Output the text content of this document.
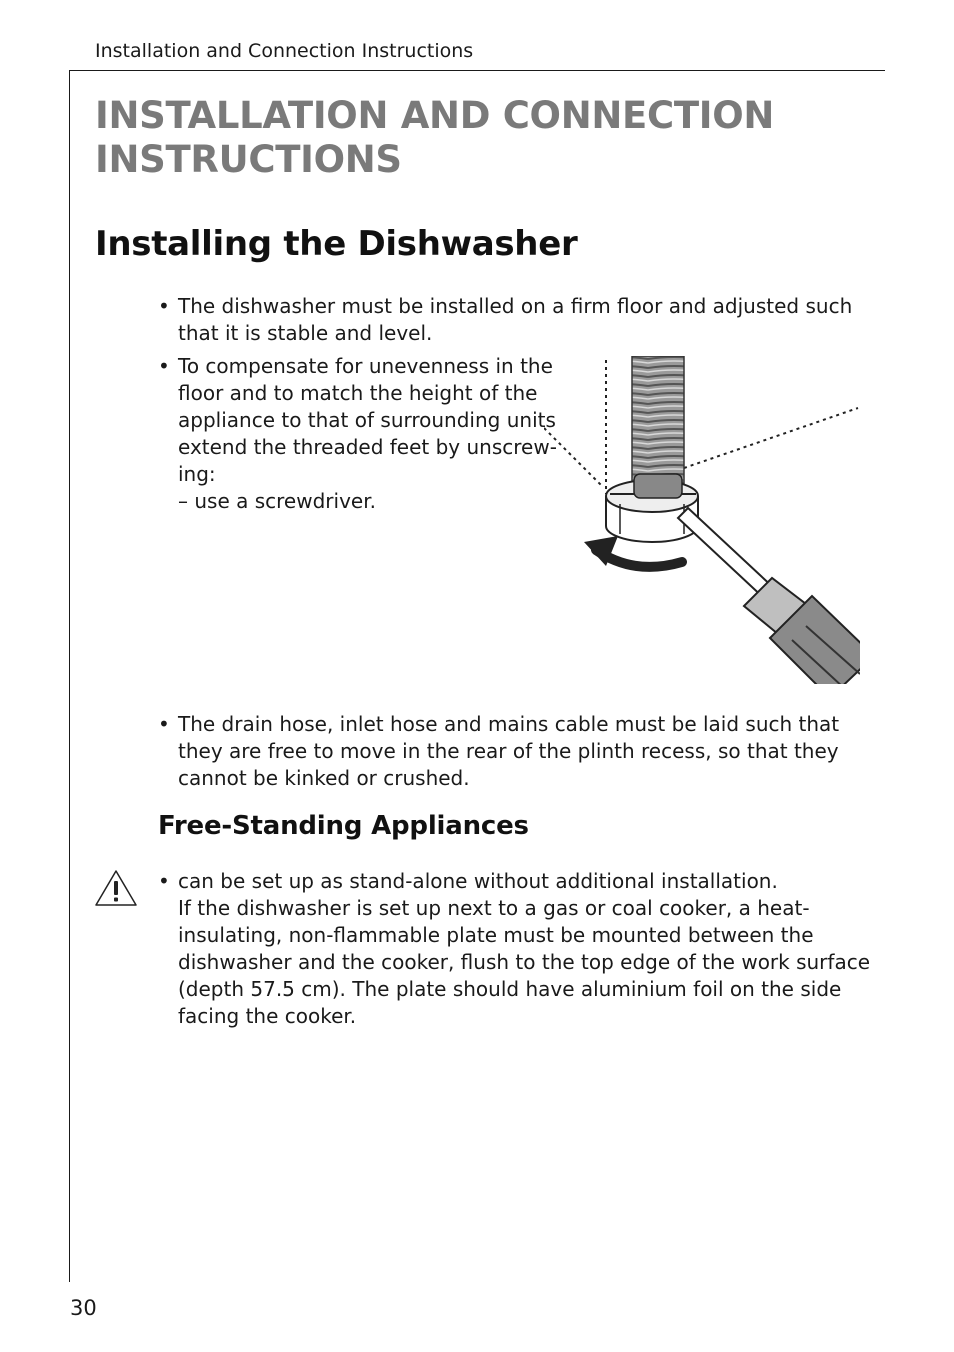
Installation and Connection Instructions
INSTALLATION AND CONNECTION
INSTRUCTIONS
Installing the Dishwasher
• The dishwasher must be installed on a firm floor and adjusted such
that it is stable and level.
• To compensate for unevenness in the
floor and to match the height of the
appliance to that of surrounding units
extend the threaded feet by unscrew-
ing:
– use a screwdriver.
• The drain hose, inlet hose and mains cable must be laid such that
they are free to move in the rear of the plinth recess, so that they
cannot be kinked or crushed.
Free-Standing Appliances
• can be set up as stand-alone without additional installation.
If the dishwasher is set up next to a gas or coal cooker, a heat-
insulating, non-flammable plate must be mounted between the
dishwasher and the cooker, flush to the top edge of the work surface
(depth 57.5 cm). The plate should have aluminium foil on the side
facing the cooker.
30
